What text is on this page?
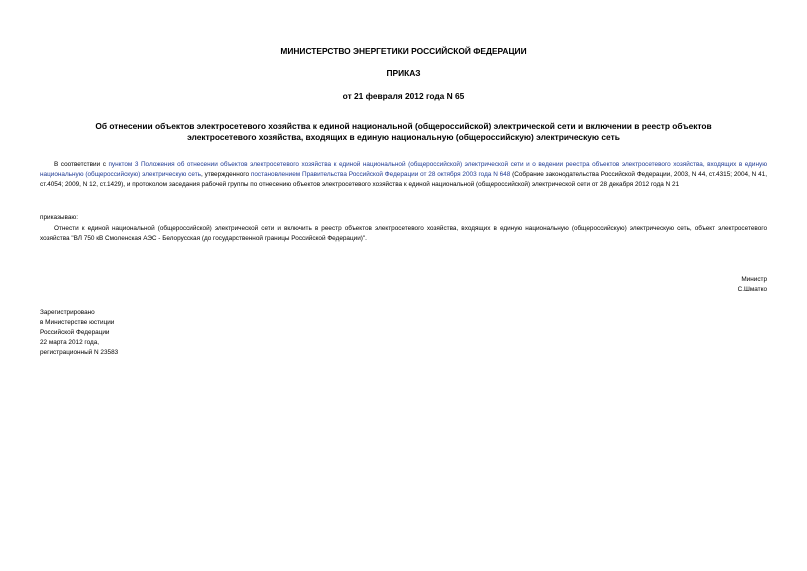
МИНИСТЕРСТВО ЭНЕРГЕТИКИ РОССИЙСКОЙ ФЕДЕРАЦИИ
ПРИКАЗ
от 21 февраля 2012 года N 65
Об отнесении объектов электросетевого хозяйства к единой национальной (общероссийской) электрической сети и включении в реестр объектов электросетевого хозяйства, входящих в единую национальную (общероссийскую) электрическую сеть
В соответствии с пунктом 3 Положения об отнесении объектов электросетевого хозяйства к единой национальной (общероссийской) электрической сети и о ведении реестра объектов электросетевого хозяйства, входящих в единую национальную (общероссийскую) электрическую сеть, утвержденного постановлением Правительства Российской Федерации от 28 октября 2003 года N 648 (Собрание законодательства Российской Федерации, 2003, N 44, ст.4315; 2004, N 41, ст.4054; 2009, N 12, ст.1429), и протоколом заседания рабочей группы по отнесению объектов электросетевого хозяйства к единой национальной (общероссийской) электрической сети от 28 декабря 2012 года N 21
приказываю:
Отнести к единой национальной (общероссийской) электрической сети и включить в реестр объектов электросетевого хозяйства, входящих в единую национальную (общероссийскую) электрическую сеть, объект электросетевого хозяйства "ВЛ 750 кВ Смоленская АЭС - Белорусская (до государственной границы Российской Федерации)".
Министр
С.Шматко
Зарегистрировано
в Министерстве юстиции
Российской Федерации
22 марта 2012 года,
регистрационный N 23583
